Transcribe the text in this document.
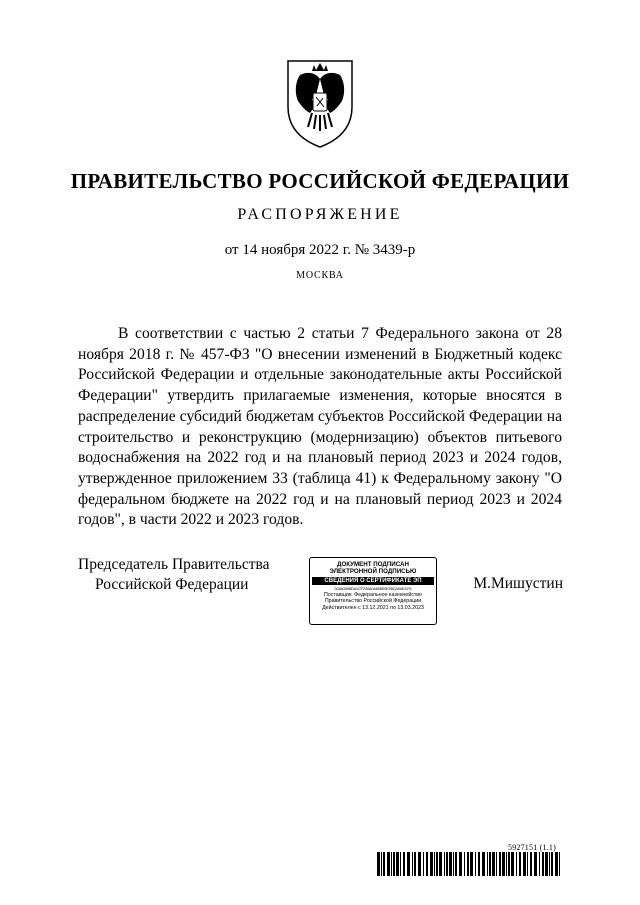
ПРАВИТЕЛЬСТВО РОССИЙСКОЙ ФЕДЕРАЦИИ
РАСПОРЯЖЕНИЕ
от 14 ноября 2022 г. № 3439-р
МОСКВА

В соответствии с частью 2 статьи 7 Федерального закона от 28 ноября 2018 г. № 457-ФЗ "О внесении изменений в Бюджетный кодекс Российской Федерации и отдельные законодательные акты Российской Федерации" утвердить прилагаемые изменения, которые вносятся в распределение субсидий бюджетам субъектов Российской Федерации на строительство и реконструкцию (модернизацию) объектов питьевого водоснабжения на 2022 год и на плановый период 2023 и 2024 годов, утвержденное приложением 33 (таблица 41) к Федеральному закону "О федеральном бюджете на 2022 год и на плановый период 2023 и 2024 годов", в части 2022 и 2023 годов.

Председатель Правительства
Российской Федерации
ДОКУМЕНТ ПОДПИСАН
ЭЛЕКТРОННОЙ ПОДПИСЬЮ
СВЕДЕНИЯ О СЕРТИФИКАТЕ ЭП
00A63398DA1CF230A0A656E0E95CA9AECF6
Поставщик: Федеральное казначейство
Правительство Российской Федерации
Действителен с 13.12.2021 по 13.03.2023
М.Мишустин
5927151 (1.1)
